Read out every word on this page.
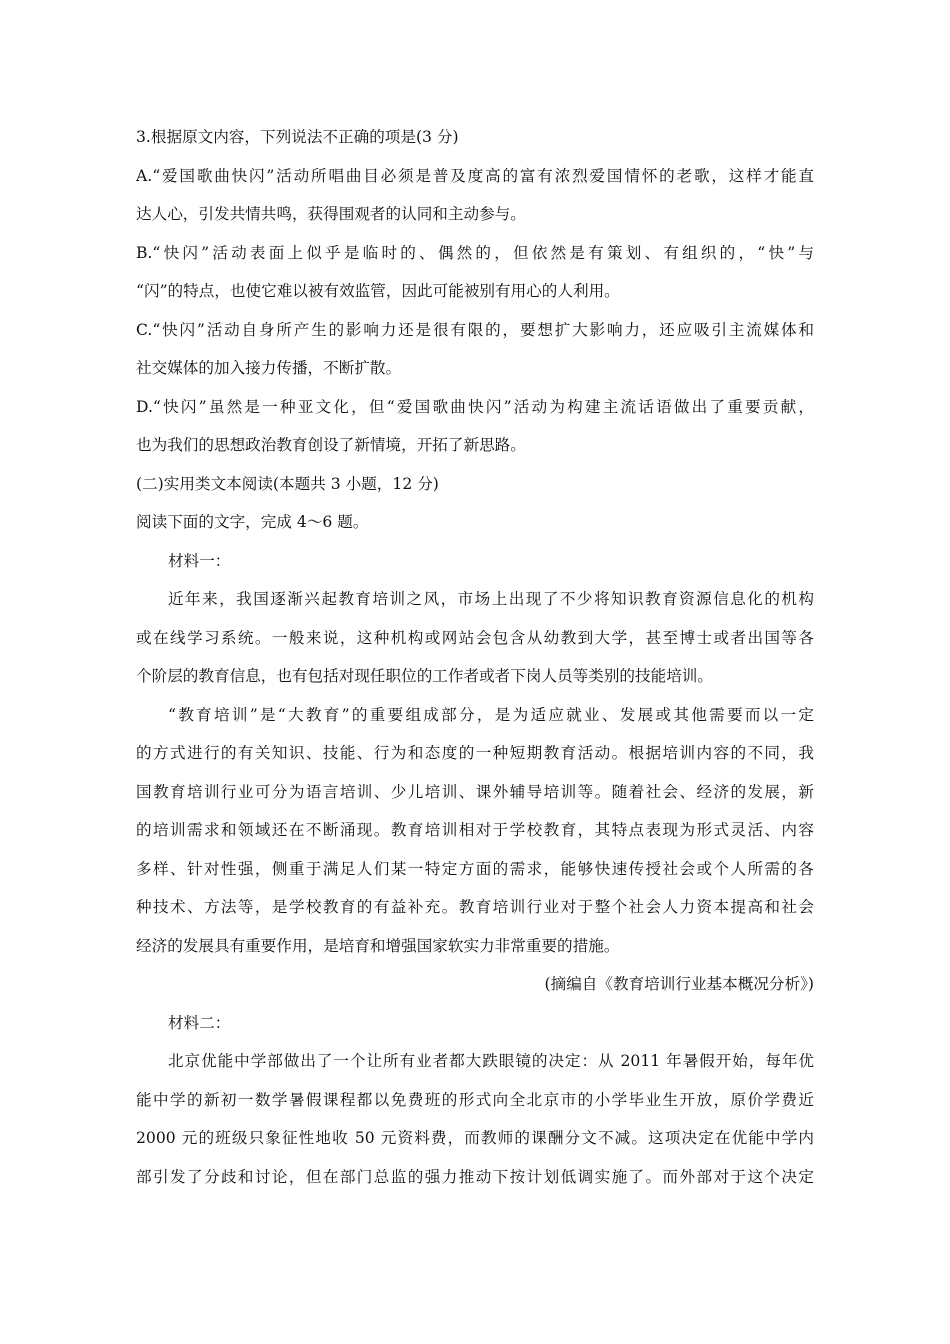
3.根据原文内容，下列说法不正确的项是(3 分)
A.“爱国歌曲快闪”活动所唱曲目必须是普及度高的富有浓烈爱国情怀的老歌，这样才能直
达人心，引发共情共鸣，获得围观者的认同和主动参与。
B.“快闪”活动表面上似乎是临时的、偶然的，但依然是有策划、有组织的，“快”与
“闪”的特点，也使它难以被有效监管，因此可能被别有用心的人利用。
C.“快闪”活动自身所产生的影响力还是很有限的，要想扩大影响力，还应吸引主流媒体和
社交媒体的加入接力传播，不断扩散。
D.“快闪”虽然是一种亚文化，但“爱国歌曲快闪”活动为构建主流话语做出了重要贡献，
也为我们的思想政治教育创设了新情境，开拓了新思路。
(二)实用类文本阅读(本题共 3 小题，12 分)
阅读下面的文字，完成 4～6 题。
材料一：
近年来，我国逐渐兴起教育培训之风，市场上出现了不少将知识教育资源信息化的机构
或在线学习系统。一般来说，这种机构或网站会包含从幼教到大学，甚至博士或者出国等各
个阶层的教育信息，也有包括对现任职位的工作者或者下岗人员等类别的技能培训。
“教育培训”是“大教育”的重要组成部分，是为适应就业、发展或其他需要而以一定
的方式进行的有关知识、技能、行为和态度的一种短期教育活动。根据培训内容的不同，我
国教育培训行业可分为语言培训、少儿培训、课外辅导培训等。随着社会、经济的发展，新
的培训需求和领域还在不断涌现。教育培训相对于学校教育，其特点表现为形式灵活、内容
多样、针对性强，侧重于满足人们某一特定方面的需求，能够快速传授社会或个人所需的各
种技术、方法等，是学校教育的有益补充。教育培训行业对于整个社会人力资本提高和社会
经济的发展具有重要作用，是培育和增强国家软实力非常重要的措施。
(摘编自《教育培训行业基本概况分析》)
材料二：
北京优能中学部做出了一个让所有业者都大跌眼镜的决定：从 2011 年暑假开始，每年优
能中学的新初一数学暑假课程都以免费班的形式向全北京市的小学毕业生开放，原价学费近
2000 元的班级只象征性地收 50 元资料费，而教师的课酬分文不减。这项决定在优能中学内
部引发了分歧和讨论，但在部门总监的强力推动下按计划低调实施了。而外部对于这个决定
